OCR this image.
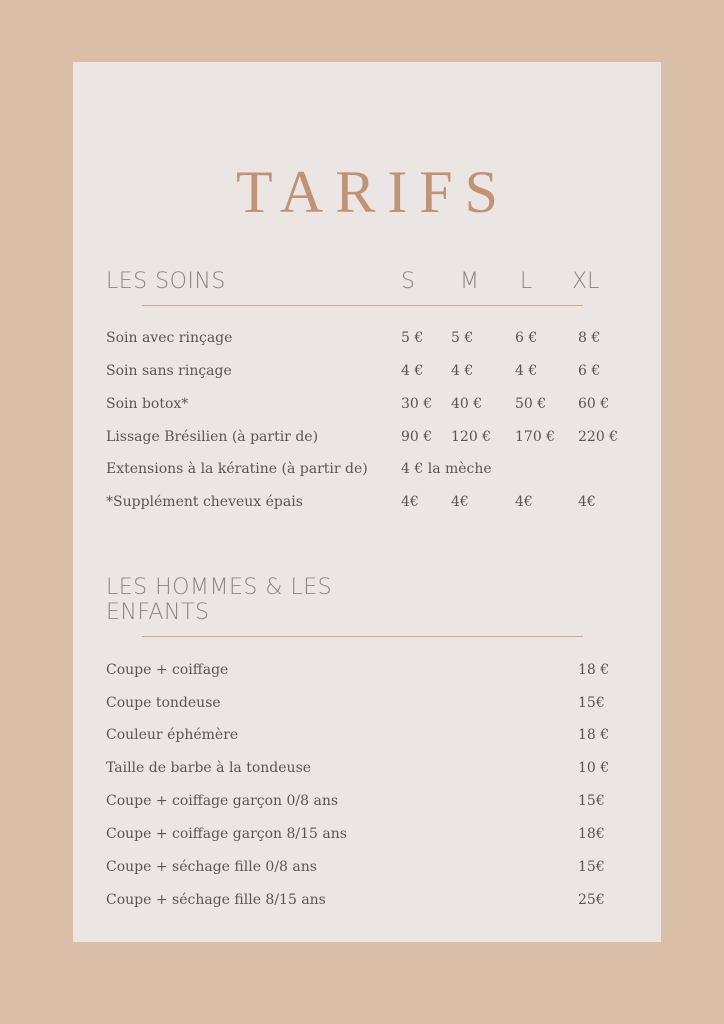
TARIFS
LES SOINS	S M L XL
Soin avec rinçage	5 € 5 €	6 €	8 €
Soin sans rinçage	4 € 4 €	4 €	6 €
Soin botox*	30 € 40 € 50 € 60 €
Lissage Brésilien (à partir de)	90 € 120 € 170 € 220 €
Extensions à la kératine (à partir de) 4 € la mèche
*Supplément cheveux épais	4€ 4€	4€	4€
LES HOMMES & LES
ENFANTS
Coupe + coiffage	18 €
Coupe tondeuse	15€
Couleur éphémère	18 €
Taille de barbe à la tondeuse	10 €
Coupe + coiffage garçon 0/8 ans	15€
Coupe + coiffage garçon 8/15 ans	18€
Coupe + séchage fille 0/8 ans	15€
Coupe + séchage fille 8/15 ans	25€
